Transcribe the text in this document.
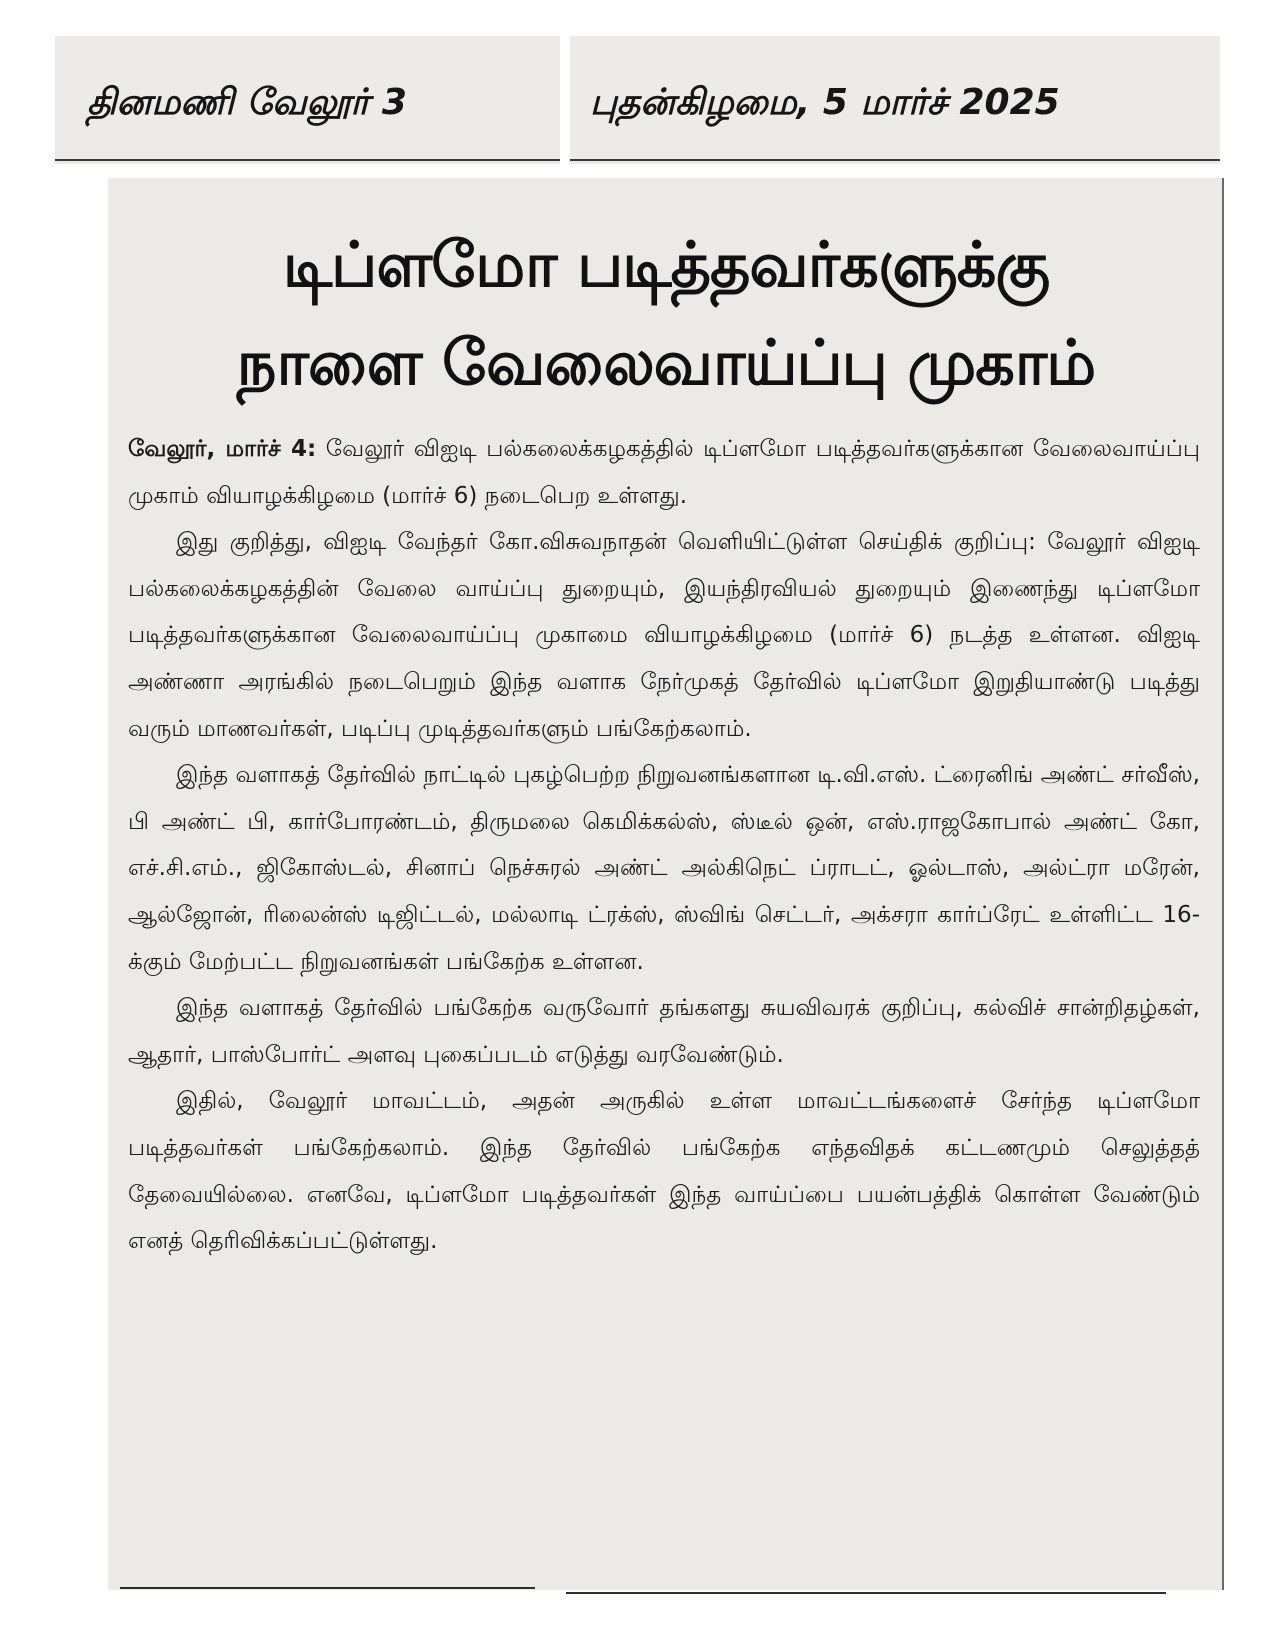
தினமணி வேலூர் 3	புதன்கிழமை, 5 மார்ச் 2025
டிப்ளமோ படித்தவர்களுக்கு
நாளை வேலைவாய்ப்பு முகாம்

வேலூர், மார்ச் 4: வேலூர் விஐடி பல்கலைக்கழகத்தில் டிப்ளமோ படித்தவர்களுக்கான வேலைவாய்ப்பு முகாம் வியாழக்கிழமை (மார்ச் 6) நடைபெற உள்ளது.

இது குறித்து, விஐடி வேந்தர் கோ.விசுவநாதன் வெளியிட்டுள்ள செய்திக் குறிப்பு: வேலூர் விஐடி பல்கலைக்கழகத்தின் வேலை வாய்ப்பு துறையும், இயந்திரவியல் துறையும் இணைந்து டிப்ளமோ படித்தவர்களுக்கான வேலைவாய்ப்பு முகாமை வியாழக்கிழமை (மார்ச் 6) நடத்த உள்ளன. விஐடி அண்ணா அரங்கில் நடைபெறும் இந்த வளாக நேர்முகத் தேர்வில் டிப்ளமோ இறுதியாண்டு படித்து வரும் மாணவர்கள், படிப்பு முடித்தவர்களும் பங்கேற்கலாம்.

இந்த வளாகத் தேர்வில் நாட்டில் புகழ்பெற்ற நிறுவனங்களான டி.வி.எஸ். ட்ரைனிங் அண்ட் சர்வீஸ், பி அண்ட் பி, கார்போரண்டம், திருமலை கெமிக்கல்ஸ், ஸ்டீல் ஒன், எஸ்.ராஜகோபால் அண்ட் கோ, எச்.சி.எம்., ஜிகோஸ்டல், சினாப் நெச்சுரல் அண்ட் அல்கிநெட் ப்ராடட், ஓல்டாஸ், அல்ட்ரா மரேன், ஆல்ஜோன், ரிலைன்ஸ் டிஜிட்டல், மல்லாடி ட்ரக்ஸ், ஸ்விங் செட்டர், அக்சரா கார்ப்ரேட் உள்ளிட்ட 16-க்கும் மேற்பட்ட நிறுவனங்கள் பங்கேற்க உள்ளன.

இந்த வளாகத் தேர்வில் பங்கேற்க வருவோர் தங்களது சுயவிவரக் குறிப்பு, கல்விச் சான்றிதழ்கள், ஆதார், பாஸ்போர்ட் அளவு புகைப்படம் எடுத்து வரவேண்டும்.

இதில், வேலூர் மாவட்டம், அதன் அருகில் உள்ள மாவட்டங்களைச் சேர்ந்த டிப்ளமோ படித்தவர்கள் பங்கேற்கலாம். இந்த தேர்வில் பங்கேற்க எந்தவிதக் கட்டணமும் செலுத்தத் தேவையில்லை. எனவே, டிப்ளமோ படித்தவர்கள் இந்த வாய்ப்பை பயன்பத்திக் கொள்ள வேண்டும் எனத் தெரிவிக்கப்பட்டுள்ளது.
